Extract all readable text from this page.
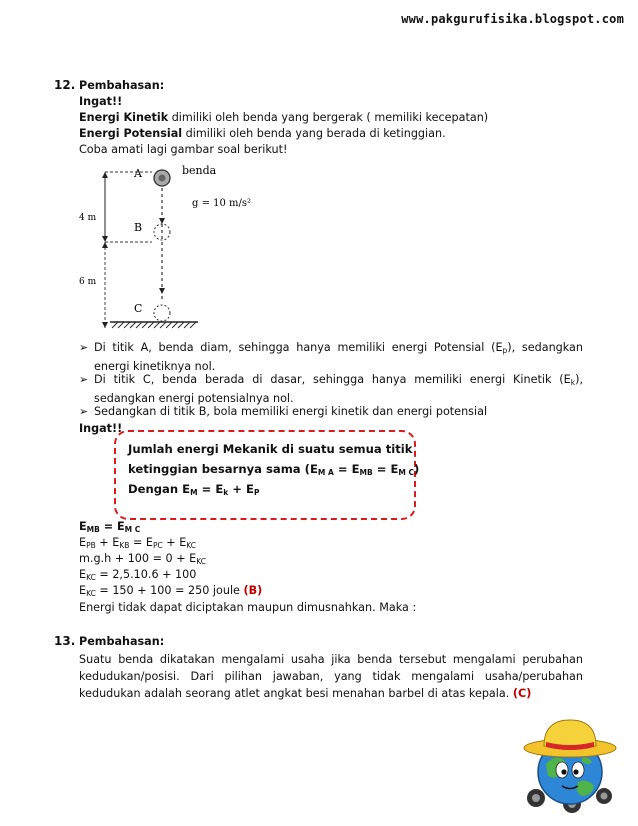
www.pakgurufisika.blogspot.com
12. Pembahasan:
Ingat!!
Energi Kinetik dimiliki oleh benda yang bergerak ( memiliki kecepatan)
Energi Potensial dimiliki oleh benda yang berada di ketinggian.
Coba amati lagi gambar soal berikut!
A
B
C
benda
g = 10 m/s²
4 m
6 m
➢ Di titik A, benda diam, sehingga hanya memiliki energi Potensial $(E_p)$, sedangkan
energi kinetiknya nol.
➢ Di titik C, benda berada di dasar, sehingga hanya memiliki energi Kinetik $(E_k)$,
sedangkan energi potensialnya nol.
➢ Sedangkan di titik B, bola memiliki energi kinetik dan energi potensial
Ingat!!
Jumlah energi Mekanik di suatu semua titik
ketinggian besarnya sama $(E_{M A} = E_{MB} = E_{M C})$
Dengan $E_M = E_k + E_P$
$E_{MB} = E_{M C}$
$E_{PB} + E_{KB} = E_{PC} + E_{KC}$
$m.g.h + 100 = 0 + E_{KC}$
$E_{KC} = 2,5.10.6 + 100$
$E_{KC} = 150 + 100 = 250$ joule (B)
Energi tidak dapat diciptakan maupun dimusnahkan. Maka :
13. Pembahasan:
Suatu benda dikatakan mengalami usaha jika benda tersebut mengalami perubahan
kedudukan/posisi. Dari pilihan jawaban, yang tidak mengalami usaha/perubahan
kedudukan adalah seorang atlet angkat besi menahan barbel di atas kepala. (C)
